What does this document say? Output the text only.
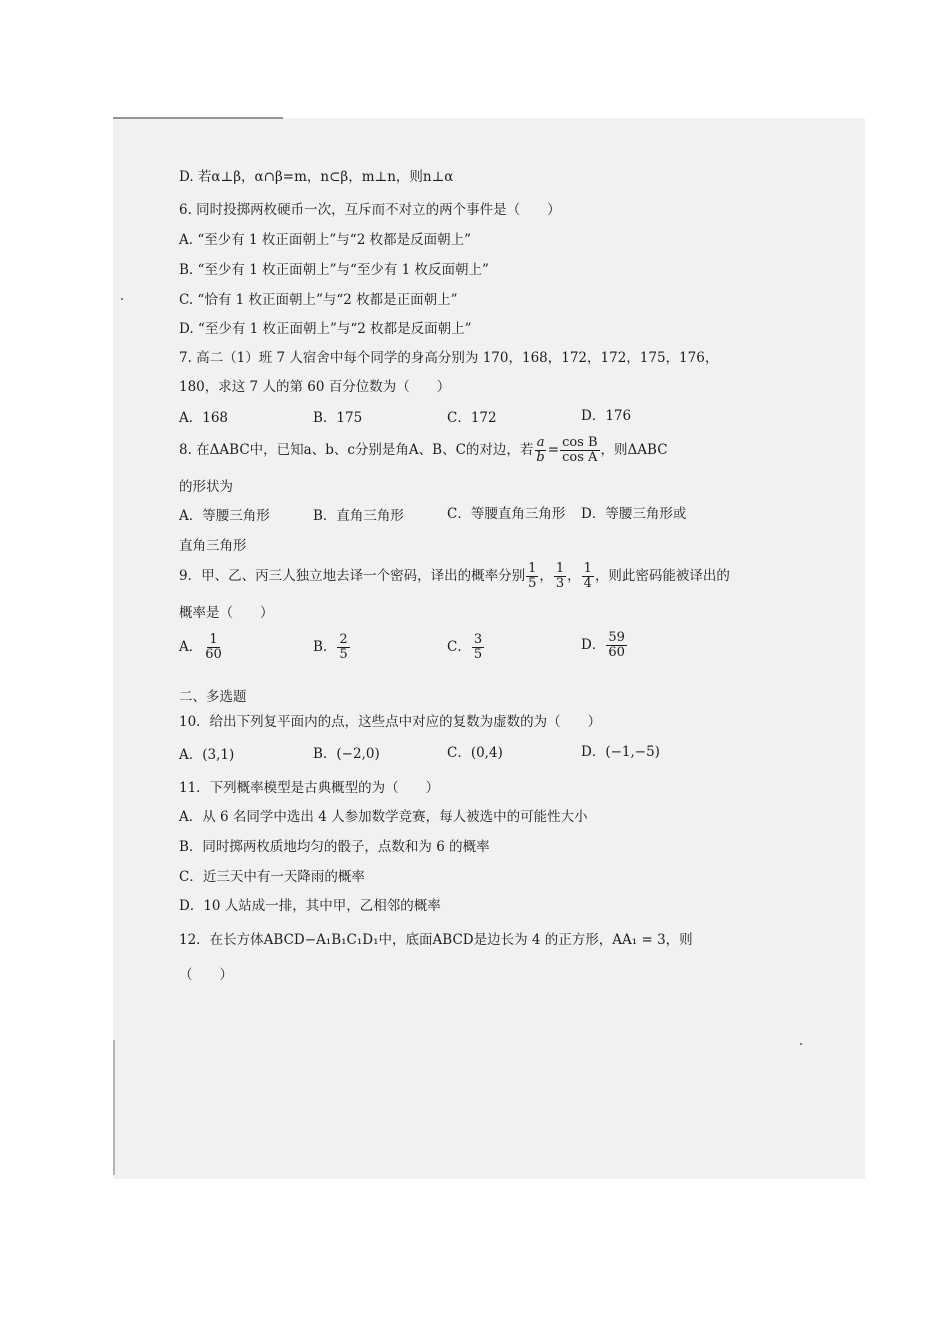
D. 若α⊥β，α∩β=m，n⊂β，m⊥n，则n⊥α
6. 同时投掷两枚硬币一次，互斥而不对立的两个事件是（　　）
A. “至少有 1 枚正面朝上”与“2 枚都是反面朝上”
B. “至少有 1 枚正面朝上”与“至少有 1 枚反面朝上”
C. “恰有 1 枚正面朝上”与“2 枚都是正面朝上”
D. “至少有 1 枚正面朝上”与“2 枚都是反面朝上”
7. 高二（1）班 7 人宿舍中每个同学的身高分别为 170，168，172，172，175，176，
180，求这 7 人的第 60 百分位数为（　　）
A．168	B．175	C．172	D．176
8. 在ΔABC中，已知a、b、c分别是角A、B、C的对边，若 $\frac{a}{b} = \frac{\text{cos B}}{\text{cos A}}$ ，则ΔABC
的形状为
A．等腰三角形	B．直角三角形	C．等腰直角三角形 D．等腰三角形或
直角三角形
9．甲、乙、丙三人独立地去译一个密码，译出的概率分别 $\frac{1}{5}$ ， $\frac{1}{3}$ ， $\frac{1}{4}$ ，则此密码能被译出的
概率是（　　）
A． $\frac{1}{60}$	B． $\frac{2}{5}$	C． $\frac{3}{5}$	D． $\frac{59}{60}$
二、多选题
10．给出下列复平面内的点，这些点中对应的复数为虚数的为（　　）
A．(3,1)	B．(−2,0)	C．(0,4)	D．(−1,−5)
11．下列概率模型是古典概型的为（　　）
A．从 6 名同学中选出 4 人参加数学竞赛，每人被选中的可能性大小
B．同时掷两枚质地均匀的骰子，点数和为 6 的概率
C．近三天中有一天降雨的概率
D．10 人站成一排，其中甲，乙相邻的概率
12．在长方体ABCD−A₁B₁C₁D₁中，底面ABCD是边长为 4 的正方形，AA₁ = 3，则
（　　）
